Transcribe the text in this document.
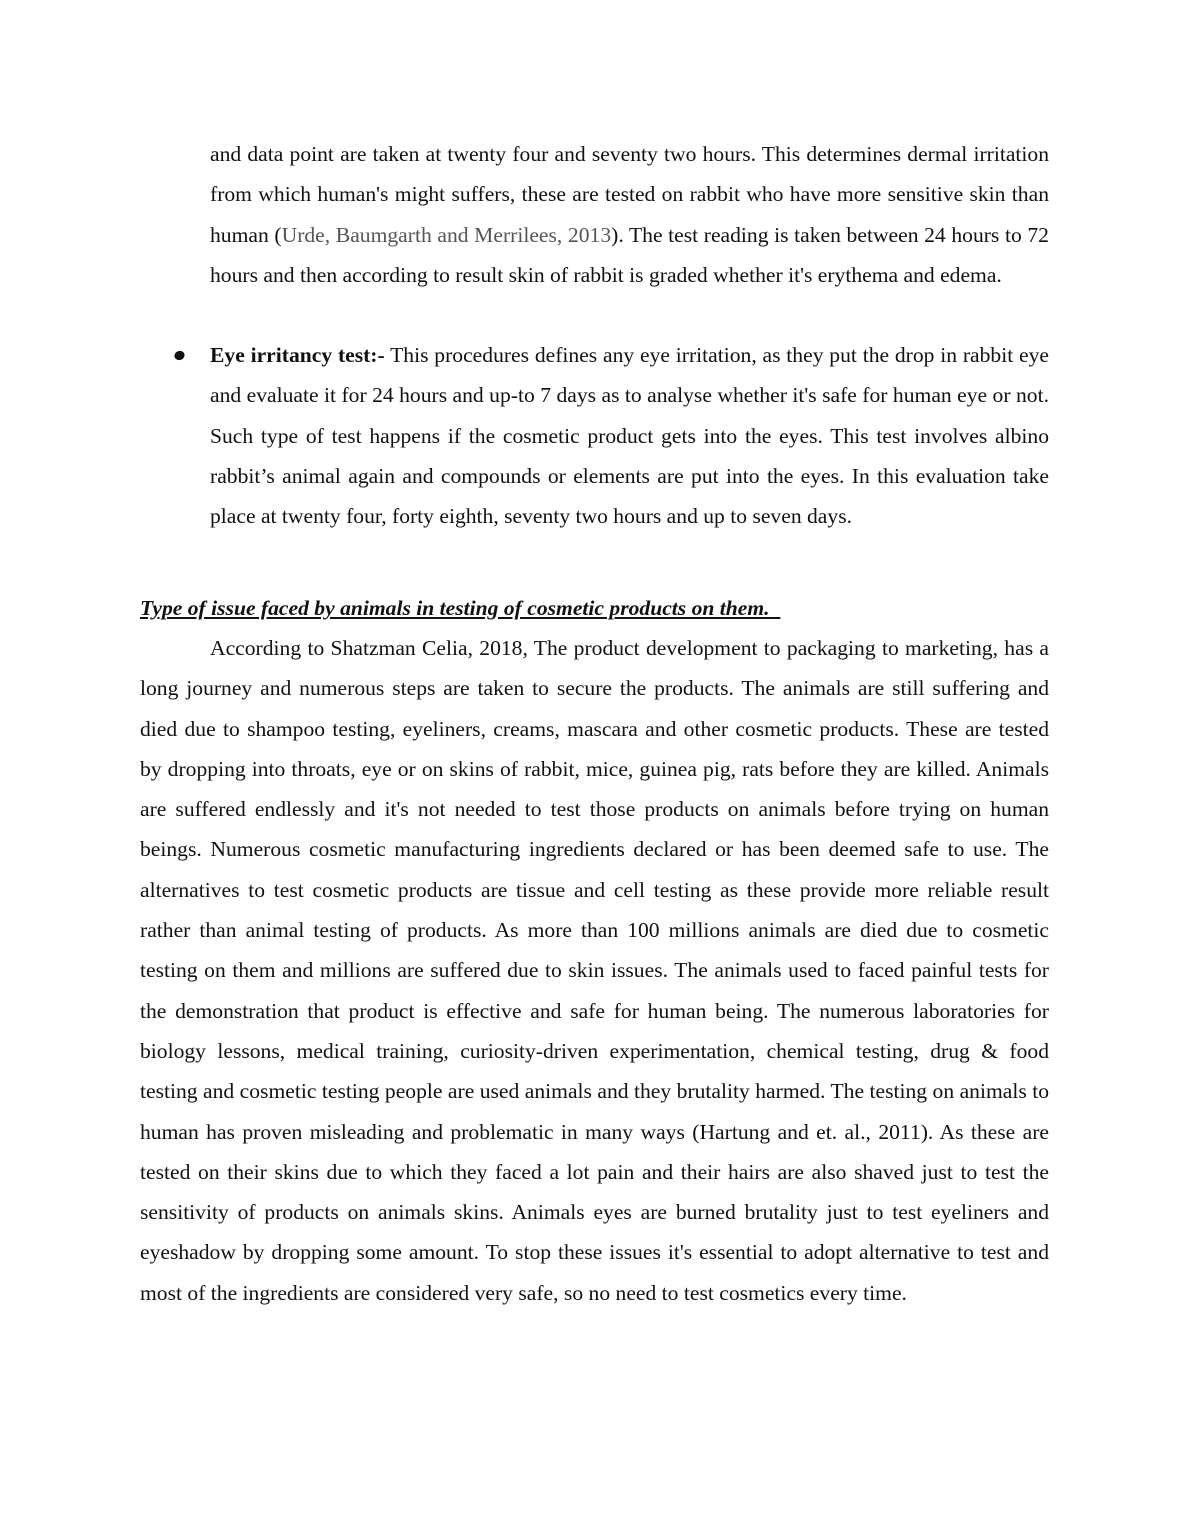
and data point are taken at twenty four and seventy two hours. This determines dermal irritation from which human's might suffers, these are tested on rabbit who have more sensitive skin than human (Urde, Baumgarth and Merrilees, 2013). The test reading is taken between 24 hours to 72 hours and then according to result skin of rabbit is graded whether it's erythema and edema.

Eye irritancy test:- This procedures defines any eye irritation, as they put the drop in rabbit eye and evaluate it for 24 hours and up-to 7 days as to analyse whether it's safe for human eye or not. Such type of test happens if the cosmetic product gets into the eyes. This test involves albino rabbit’s animal again and compounds or elements are put into the eyes. In this evaluation take place at twenty four, forty eighth, seventy two hours and up to seven days.

Type of issue faced by animals in testing of cosmetic products on them.

According to Shatzman Celia, 2018, The product development to packaging to marketing, has a long journey and numerous steps are taken to secure the products. The animals are still suffering and died due to shampoo testing, eyeliners, creams, mascara and other cosmetic products. These are tested by dropping into throats, eye or on skins of rabbit, mice, guinea pig, rats before they are killed. Animals are suffered endlessly and it's not needed to test those products on animals before trying on human beings. Numerous cosmetic manufacturing ingredients declared or has been deemed safe to use. The alternatives to test cosmetic products are tissue and cell testing as these provide more reliable result rather than animal testing of products. As more than 100 millions animals are died due to cosmetic testing on them and millions are suffered due to skin issues. The animals used to faced painful tests for the demonstration that product is effective and safe for human being. The numerous laboratories for biology lessons, medical training, curiosity-driven experimentation, chemical testing, drug & food testing and cosmetic testing people are used animals and they brutality harmed. The testing on animals to human has proven misleading and problematic in many ways (Hartung and et. al., 2011). As these are tested on their skins due to which they faced a lot pain and their hairs are also shaved just to test the sensitivity of products on animals skins. Animals eyes are burned brutality just to test eyeliners and eyeshadow by dropping some amount. To stop these issues it's essential to adopt alternative to test and most of the ingredients are considered very safe, so no need to test cosmetics every time.
